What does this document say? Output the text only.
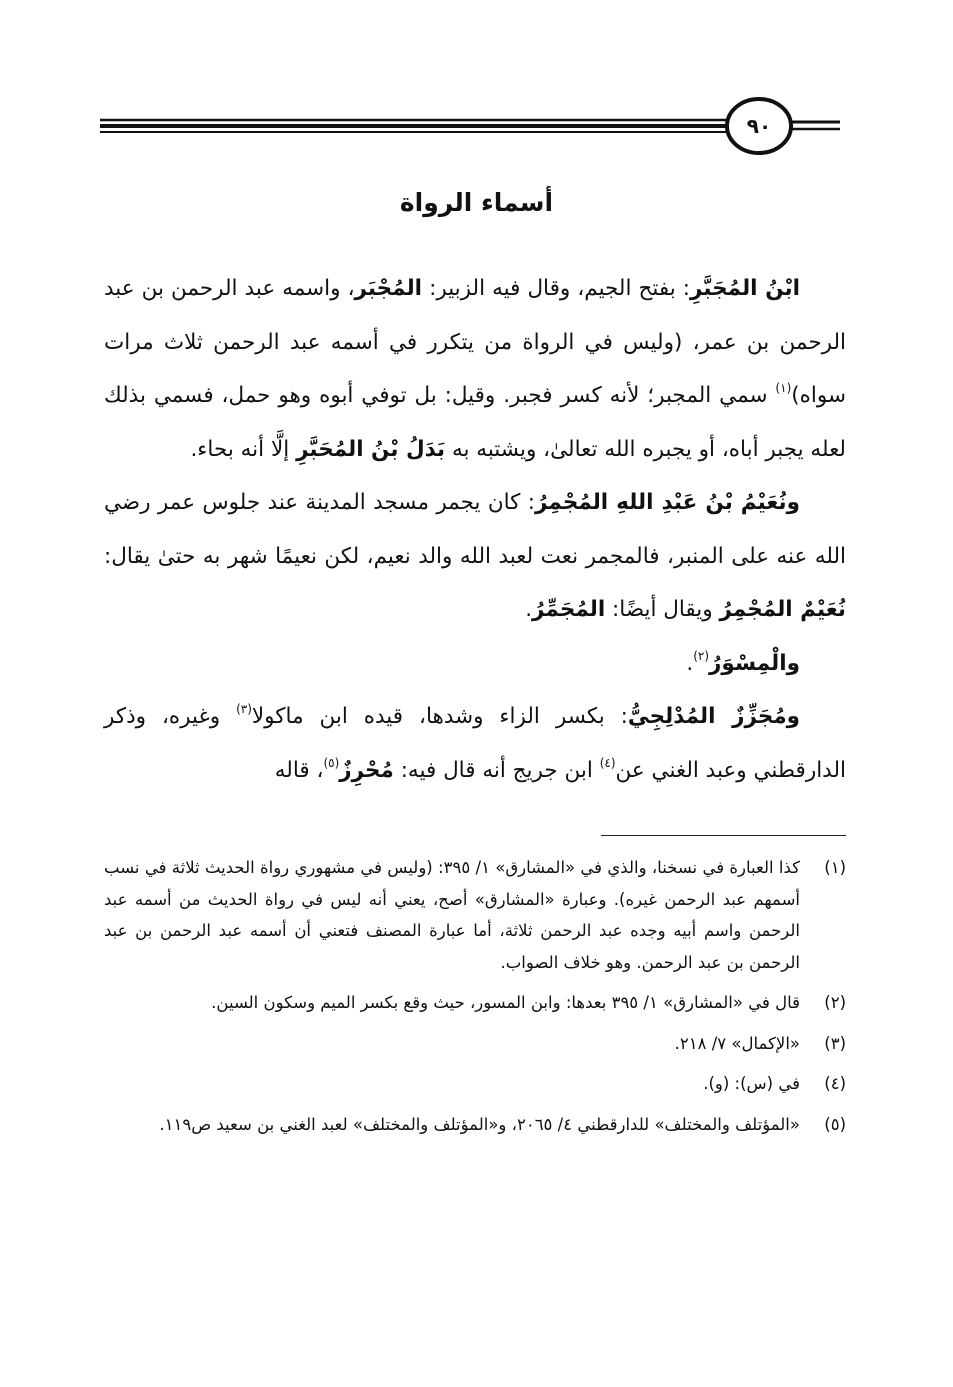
٩٠
أسماء الرواة

ابْنُ المُجَبَّرِ: بفتح الجيم، وقال فيه الزبير: المُجْبَر، واسمه عبد الرحمن بن عبد الرحمن بن عمر، (وليس في الرواة من يتكرر في أسمه عبد الرحمن ثلاث مرات سواه)$^{(١)}$ سمي المجبر؛ لأنه كسر فجبر. وقيل: بل توفي أبوه وهو حمل، فسمي بذلك لعله يجبر أباه، أو يجبره الله تعالىٰ، ويشتبه به بَدَلُ بْنُ المُحَبَّرِ إلَّا أنه بحاء.

ونُعَيْمُ بْنُ عَبْدِ اللهِ المُجْمِرُ: كان يجمر مسجد المدينة عند جلوس عمر رضي الله عنه على المنبر، فالمجمر نعت لعبد الله والد نعيم، لكن نعيمًا شهر به حتىٰ يقال: نُعَيْمٌ المُجْمِرُ ويقال أيضًا: المُجَمِّرُ.

والْمِسْوَرُ$^{(٢)}$.

ومُجَزِّزٌ المُدْلِجِيُّ: بكسر الزاء وشدها، قيده ابن ماكولا$^{(٣)}$ وغيره، وذكر الدارقطني وعبد الغني عن$^{(٤)}$ ابن جريج أنه قال فيه: مُحْرِزٌ$^{(٥)}$، قاله

(١)
كذا العبارة في نسخنا، والذي في «المشارق» ١/ ٣٩٥: (وليس في مشهوري رواة الحديث ثلاثة في نسب أسمهم عبد الرحمن غيره). وعبارة «المشارق» أصح، يعني أنه ليس في رواة الحديث من أسمه عبد الرحمن واسم أبيه وجده عبد الرحمن ثلاثة، أما عبارة المصنف فتعني أن أسمه عبد الرحمن بن عبد الرحمن بن عبد الرحمن. وهو خلاف الصواب.
(٢)
قال في «المشارق» ١/ ٣٩٥ بعدها: وابن المسور، حيث وقع بكسر الميم وسكون السين.
(٣)
«الإكمال» ٧/ ٢١٨.
(٤)
في (س): (و).
(٥)
«المؤتلف والمختلف» للدارقطني ٤/ ٢٠٦٥، و«المؤتلف والمختلف» لعبد الغني بن سعيد ص١١٩.
